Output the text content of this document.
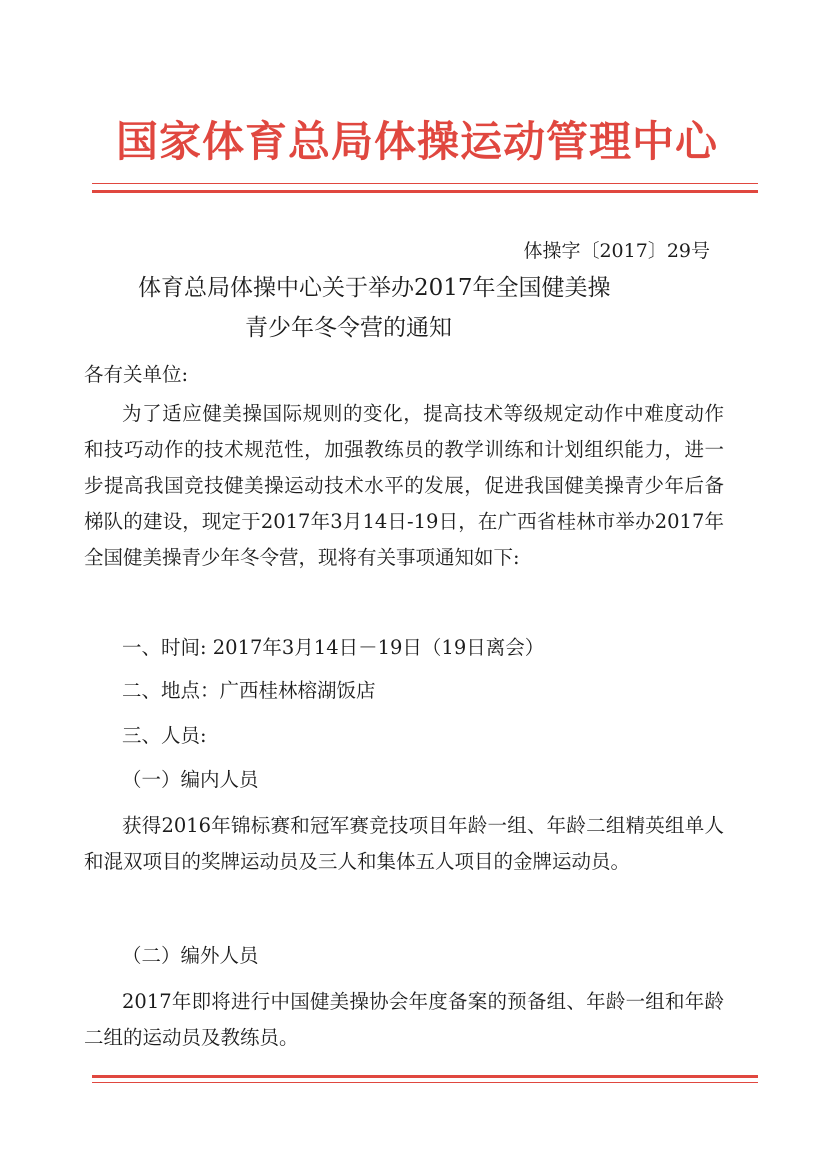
国家体育总局体操运动管理中心
体操字〔2017〕29号
体育总局体操中心关于举办2017年全国健美操
青少年冬令营的通知
各有关单位:
为了适应健美操国际规则的变化，提高技术等级规定动作中难度动作和技巧动作的技术规范性，加强教练员的教学训练和计划组织能力，进一步提高我国竞技健美操运动技术水平的发展，促进我国健美操青少年后备梯队的建设，现定于2017年3月14日-19日，在广西省桂林市举办2017年全国健美操青少年冬令营，现将有关事项通知如下:
一、时间: 2017年3月14日－19日（19日离会）
二、地点：广西桂林榕湖饭店
三、人员:
（一）编内人员
获得2016年锦标赛和冠军赛竞技项目年龄一组、年龄二组精英组单人和混双项目的奖牌运动员及三人和集体五人项目的金牌运动员。
（二）编外人员
2017年即将进行中国健美操协会年度备案的预备组、年龄一组和年龄二组的运动员及教练员。
